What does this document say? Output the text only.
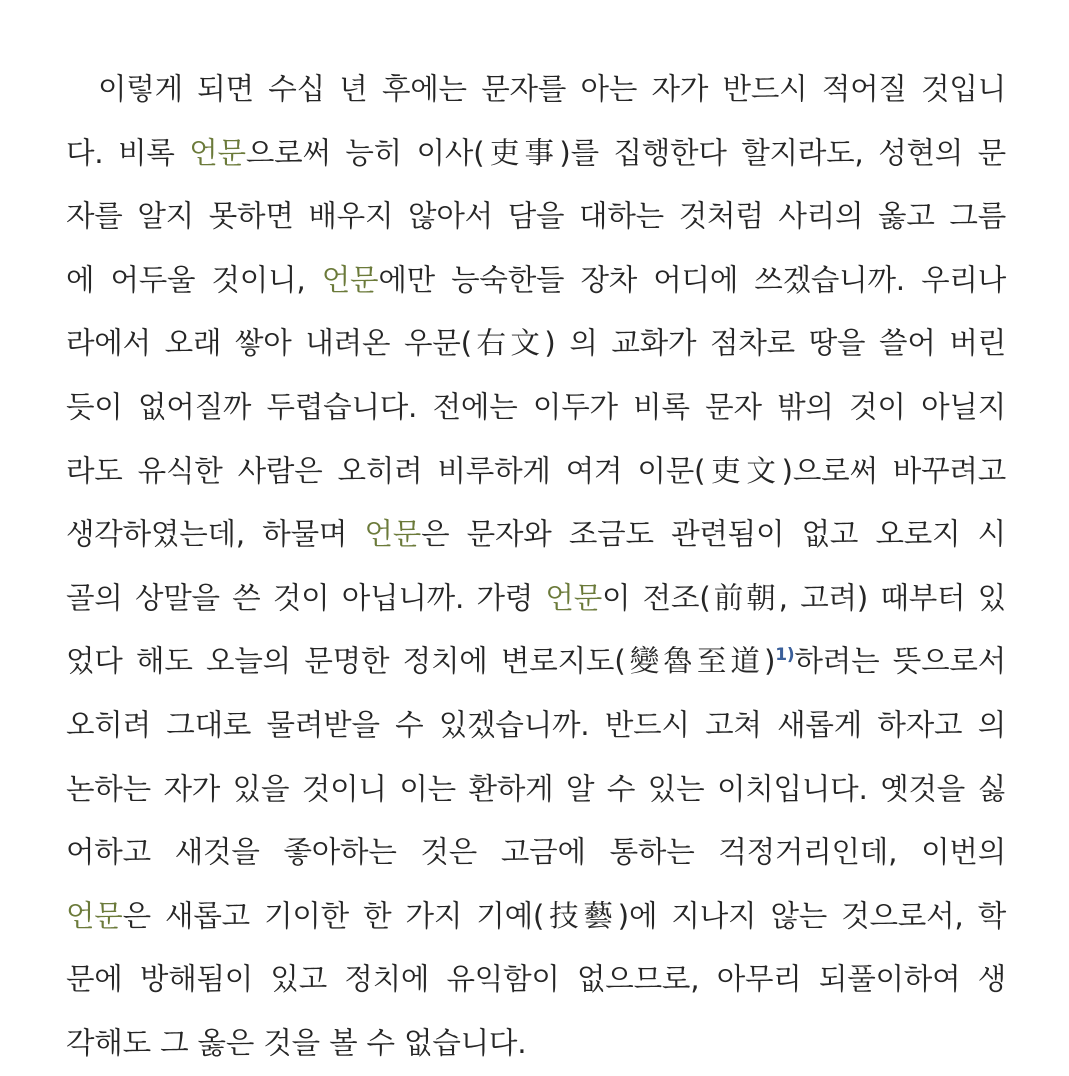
이렇게 되면 수십 년 후에는 문자를 아는 자가 반드시 적어질 것입니
다. 비록 언문으로써 능히 이사(吏事)를 집행한다 할지라도, 성현의 문
자를 알지 못하면 배우지 않아서 담을 대하는 것처럼 사리의 옳고 그름
에 어두울 것이니, 언문에만 능숙한들 장차 어디에 쓰겠습니까. 우리나
라에서 오래 쌓아 내려온 우문(右文) 의 교화가 점차로 땅을 쓸어 버린
듯이 없어질까 두렵습니다. 전에는 이두가 비록 문자 밖의 것이 아닐지
라도 유식한 사람은 오히려 비루하게 여겨 이문(吏文)으로써 바꾸려고
생각하였는데, 하물며 언문은 문자와 조금도 관련됨이 없고 오로지 시
골의 상말을 쓴 것이 아닙니까. 가령 언문이 전조(前朝, 고려) 때부터 있
었다 해도 오늘의 문명한 정치에 변로지도(變魯至道)$^{1)}$하려는 뜻으로서
오히려 그대로 물려받을 수 있겠습니까. 반드시 고쳐 새롭게 하자고 의
논하는 자가 있을 것이니 이는 환하게 알 수 있는 이치입니다. 옛것을 싫
어하고 새것을 좋아하는 것은 고금에 통하는 걱정거리인데, 이번의
언문은 새롭고 기이한 한 가지 기예(技藝)에 지나지 않는 것으로서, 학
문에 방해됨이 있고 정치에 유익함이 없으므로, 아무리 되풀이하여 생
각해도 그 옳은 것을 볼 수 없습니다.
